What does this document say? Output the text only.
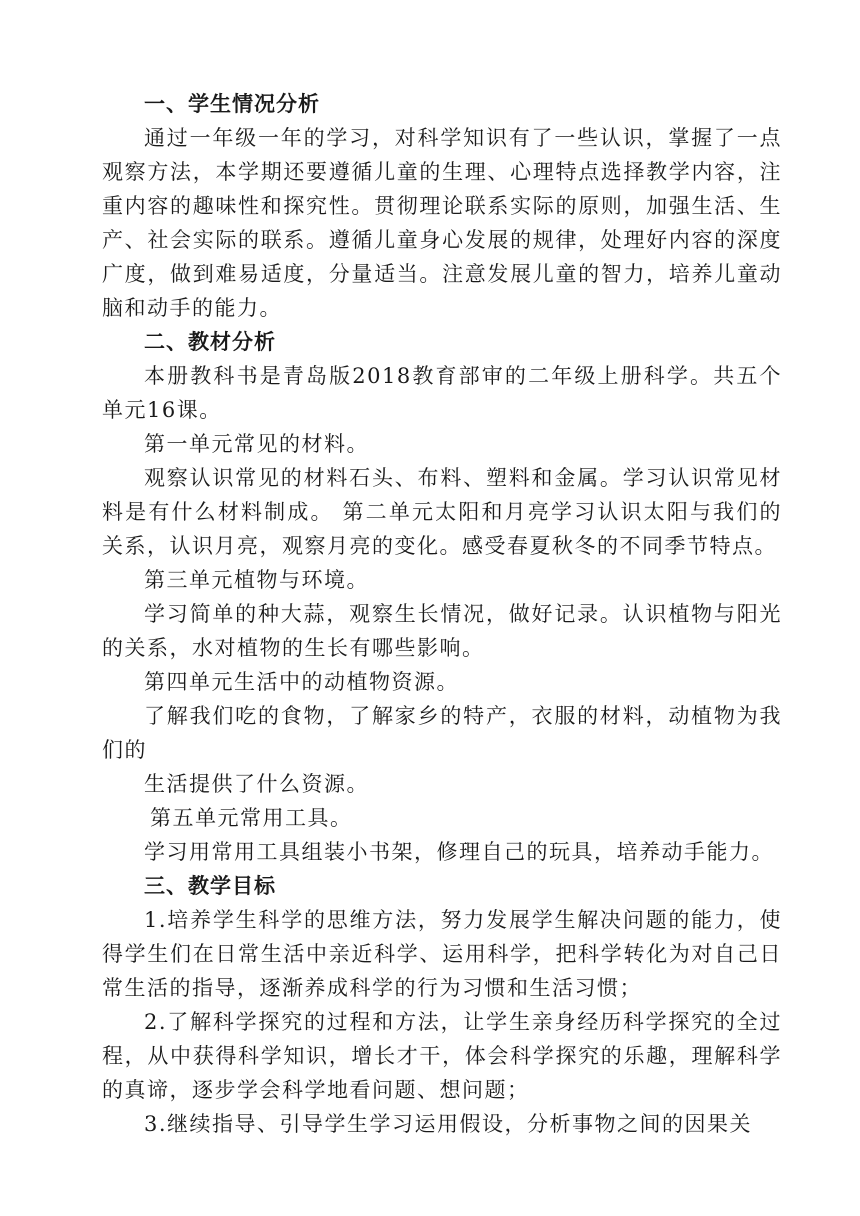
一、学生情况分析

通过一年级一年的学习，对科学知识有了一些认识，掌握了一点观察方法，本学期还要遵循儿童的生理、心理特点选择教学内容，注重内容的趣味性和探究性。贯彻理论联系实际的原则，加强生活、生产、社会实际的联系。遵循儿童身心发展的规律，处理好内容的深度广度，做到难易适度，分量适当。注意发展儿童的智力，培养儿童动脑和动手的能力。

二、教材分析

本册教科书是青岛版2018教育部审的二年级上册科学。共五个单元16课。

第一单元常见的材料。

观察认识常见的材料石头、布料、塑料和金属。学习认识常见材料是有什么材料制成。 第二单元太阳和月亮学习认识太阳与我们的关系，认识月亮，观察月亮的变化。感受春夏秋冬的不同季节特点。

第三单元植物与环境。

学习简单的种大蒜，观察生长情况，做好记录。认识植物与阳光的关系，水对植物的生长有哪些影响。

第四单元生活中的动植物资源。

了解我们吃的食物，了解家乡的特产，衣服的材料，动植物为我们的

生活提供了什么资源。

第五单元常用工具。

学习用常用工具组装小书架，修理自己的玩具，培养动手能力。

三、教学目标

1.培养学生科学的思维方法，努力发展学生解决问题的能力，使得学生们在日常生活中亲近科学、运用科学，把科学转化为对自己日常生活的指导，逐渐养成科学的行为习惯和生活习惯；

2.了解科学探究的过程和方法，让学生亲身经历科学探究的全过程，从中获得科学知识，增长才干，体会科学探究的乐趣，理解科学的真谛，逐步学会科学地看问题、想问题；

3.继续指导、引导学生学习运用假设，分析事物之间的因果关
